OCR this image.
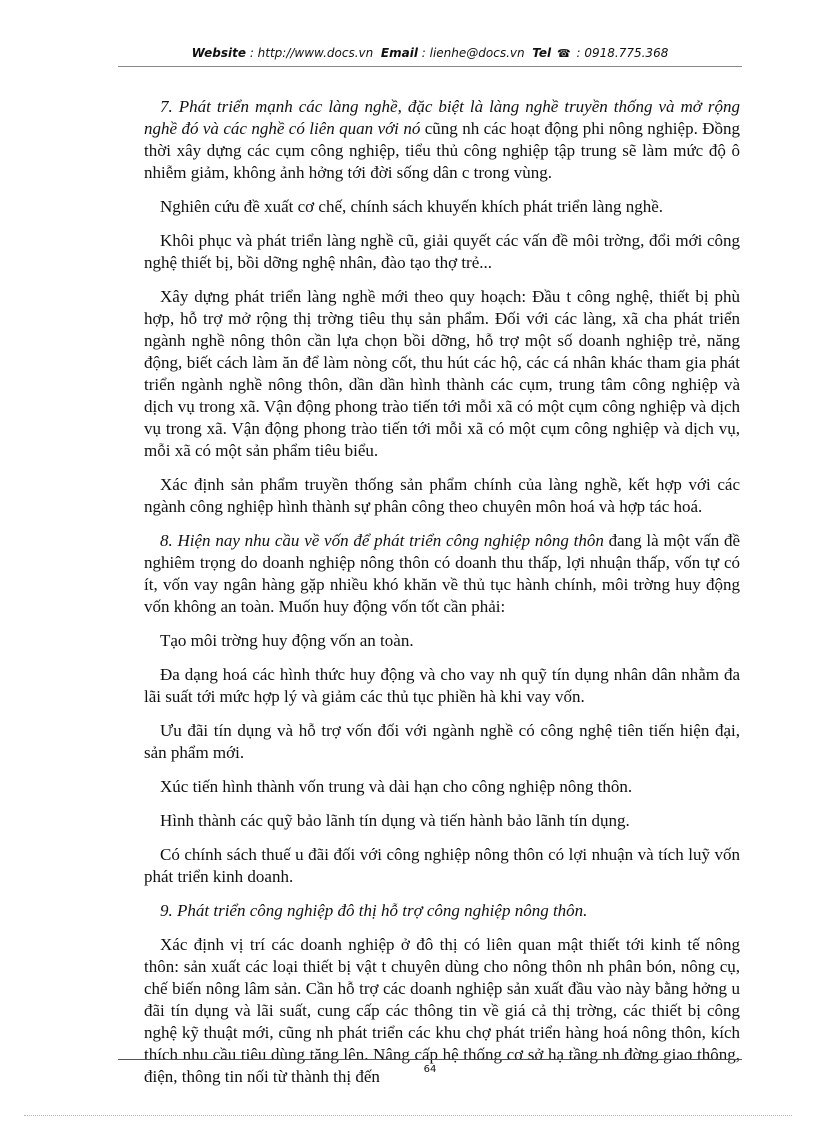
Website : http://www.docs.vn Email : lienhe@docs.vn Tel ☎ : 0918.775.368

7. Phát triển mạnh các làng nghề, đặc biệt là làng nghề truyền thống và mở rộng nghề đó và các nghề có liên quan với nó cũng nh các hoạt động phi nông nghiệp. Đồng thời xây dựng các cụm công nghiệp, tiểu thủ công nghiệp tập trung sẽ làm mức độ ô nhiễm giảm, không ảnh hởng tới đời sống dân c trong vùng.

Nghiên cứu đề xuất cơ chế, chính sách khuyến khích phát triển làng nghề.

Khôi phục và phát triển làng nghề cũ, giải quyết các vấn đề môi trờng, đổi mới công nghệ thiết bị, bồi dỡng nghệ nhân, đào tạo thợ trẻ...

Xây dựng phát triển làng nghề mới theo quy hoạch: Đầu t công nghệ, thiết bị phù hợp, hỗ trợ mở rộng thị trờng tiêu thụ sản phẩm. Đối với các làng, xã cha phát triển ngành nghề nông thôn cần lựa chọn bồi dỡng, hỗ trợ một số doanh nghiệp trẻ, năng động, biết cách làm ăn để làm nòng cốt, thu hút các hộ, các cá nhân khác tham gia phát triển ngành nghề nông thôn, dần dần hình thành các cụm, trung tâm công nghiệp và dịch vụ trong xã. Vận động phong trào tiến tới mỗi xã có một cụm công nghiệp và dịch vụ trong xã. Vận động phong trào tiến tới mỗi xã có một cụm công nghiệp và dịch vụ, mỗi xã có một sản phẩm tiêu biểu.

Xác định sản phẩm truyền thống sản phẩm chính của làng nghề, kết hợp với các ngành công nghiệp hình thành sự phân công theo chuyên môn hoá và hợp tác hoá.

8. Hiện nay nhu cầu về vốn để phát triển công nghiệp nông thôn đang là một vấn đề nghiêm trọng do doanh nghiệp nông thôn có doanh thu thấp, lợi nhuận thấp, vốn tự có ít, vốn vay ngân hàng gặp nhiều khó khăn về thủ tục hành chính, môi trờng huy động vốn không an toàn. Muốn huy động vốn tốt cần phải:

Tạo môi trờng huy động vốn an toàn.

Đa dạng hoá các hình thức huy động và cho vay nh quỹ tín dụng nhân dân nhằm đa lãi suất tới mức hợp lý và giảm các thủ tục phiền hà khi vay vốn.

Ưu đãi tín dụng và hỗ trợ vốn đối với ngành nghề có công nghệ tiên tiến hiện đại, sản phẩm mới.

Xúc tiến hình thành vốn trung và dài hạn cho công nghiệp nông thôn.

Hình thành các quỹ bảo lãnh tín dụng và tiến hành bảo lãnh tín dụng.

Có chính sách thuế u đãi đối với công nghiệp nông thôn có lợi nhuận và tích luỹ vốn phát triển kinh doanh.

9. Phát triển công nghiệp đô thị hỗ trợ công nghiệp nông thôn.

Xác định vị trí các doanh nghiệp ở đô thị có liên quan mật thiết tới kinh tế nông thôn: sản xuất các loại thiết bị vật t chuyên dùng cho nông thôn nh phân bón, nông cụ, chế biến nông lâm sản. Cần hỗ trợ các doanh nghiệp sản xuất đầu vào này bằng hởng u đãi tín dụng và lãi suất, cung cấp các thông tin về giá cả thị trờng, các thiết bị công nghệ kỹ thuật mới, cũng nh phát triển các khu chợ phát triển hàng hoá nông thôn, kích thích nhu cầu tiêu dùng tăng lên. Nâng cấp hệ thống cơ sở hạ tầng nh đờng giao thông, điện, thông tin nối từ thành thị đến	64
